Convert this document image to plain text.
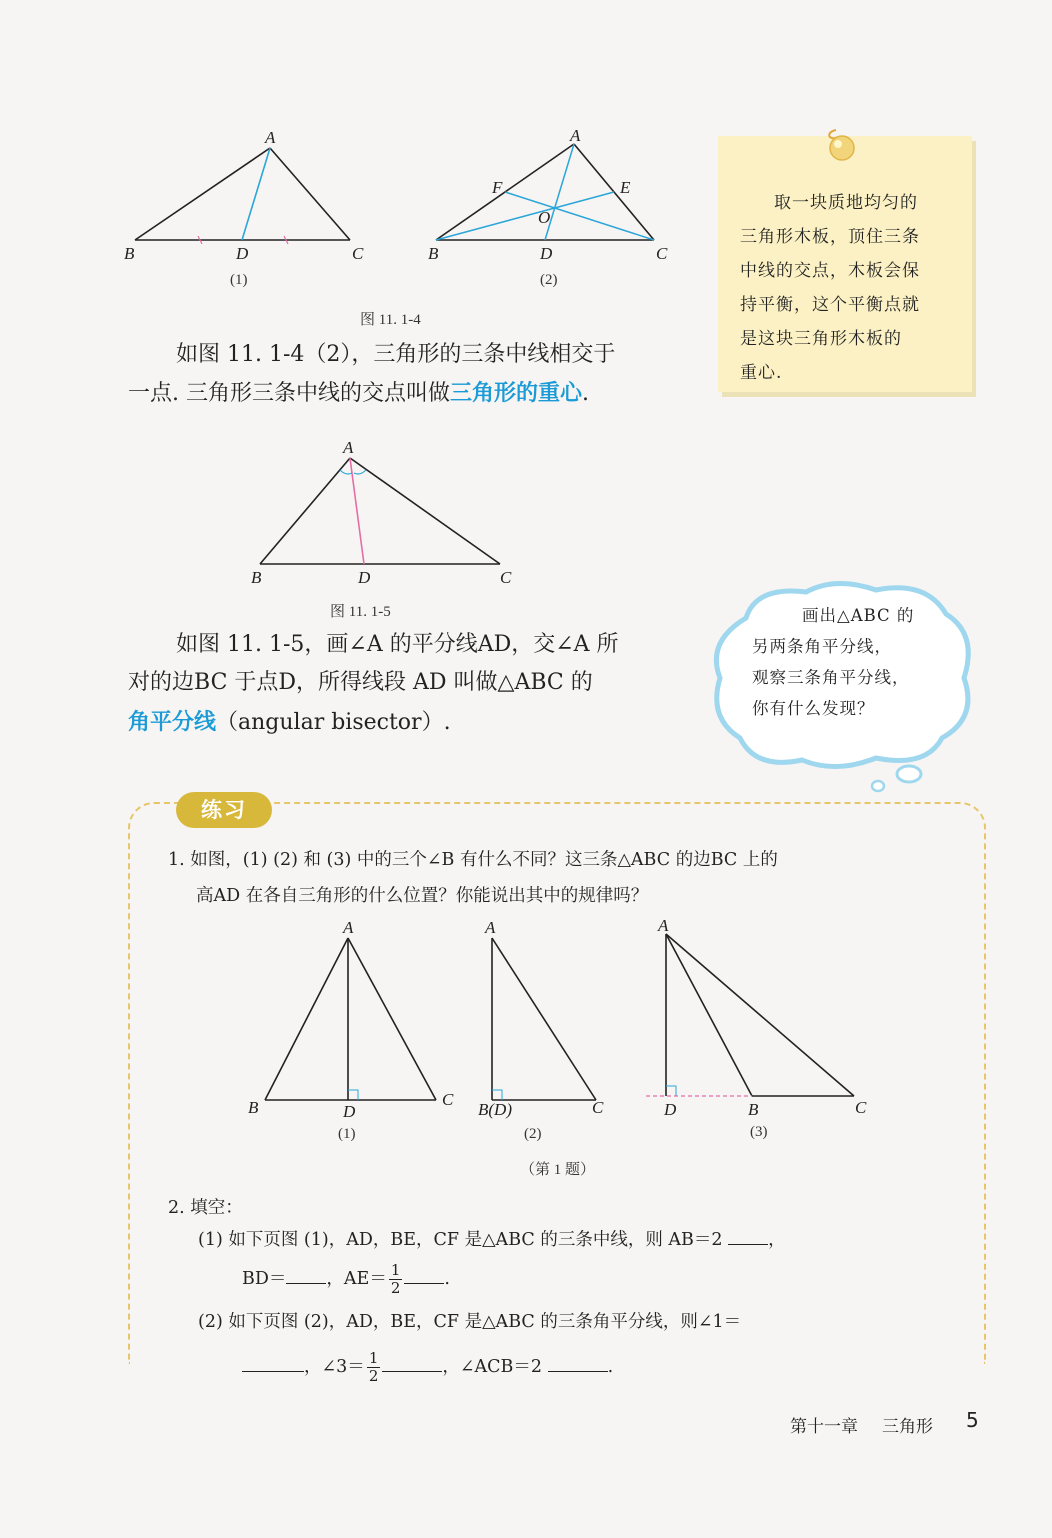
A
B	D	C
(1)
A
F	E
O
B	D	C
(2)
图 11. 1-4
如图 11. 1-4（2），三角形的三条中线相交于
一点. 三角形三条中线的交点叫做三角形的重心.
取一块质地均匀的
三角形木板，顶住三条
中线的交点，木板会保
持平衡，这个平衡点就
是这块三角形木板的
重心.
A
B	D	C
图 11. 1-5
如图 11. 1-5，画∠A 的平分线AD，交∠A 所
对的边BC 于点D，所得线段 AD 叫做△ABC 的
角平分线（angular bisector）.
画出△ABC 的
另两条角平分线，
观察三条角平分线，
你有什么发现？
练习
1. 如图，(1) (2) 和 (3) 中的三个∠B 有什么不同？这三条△ABC 的边BC 上的
高AD 在各自三角形的什么位置？你能说出其中的规律吗？
A
B	D
C
(1)
A
B(D)	C
(2)
A
D	B	C
(3)
（第 1 题）
2. 填空：
(1) 如下页图 (1)，AD，BE，CF 是△ABC 的三条中线，则 AB＝2	，
BD＝ ，$AE= \frac{1}{2}$ .
(2) 如下页图 (2)，AD，BE，CF 是△ABC 的三条角平分线，则∠1＝
，∠3＝ $\frac{1}{2}$	，∠ACB＝2	.
第十一章 三角形 5
